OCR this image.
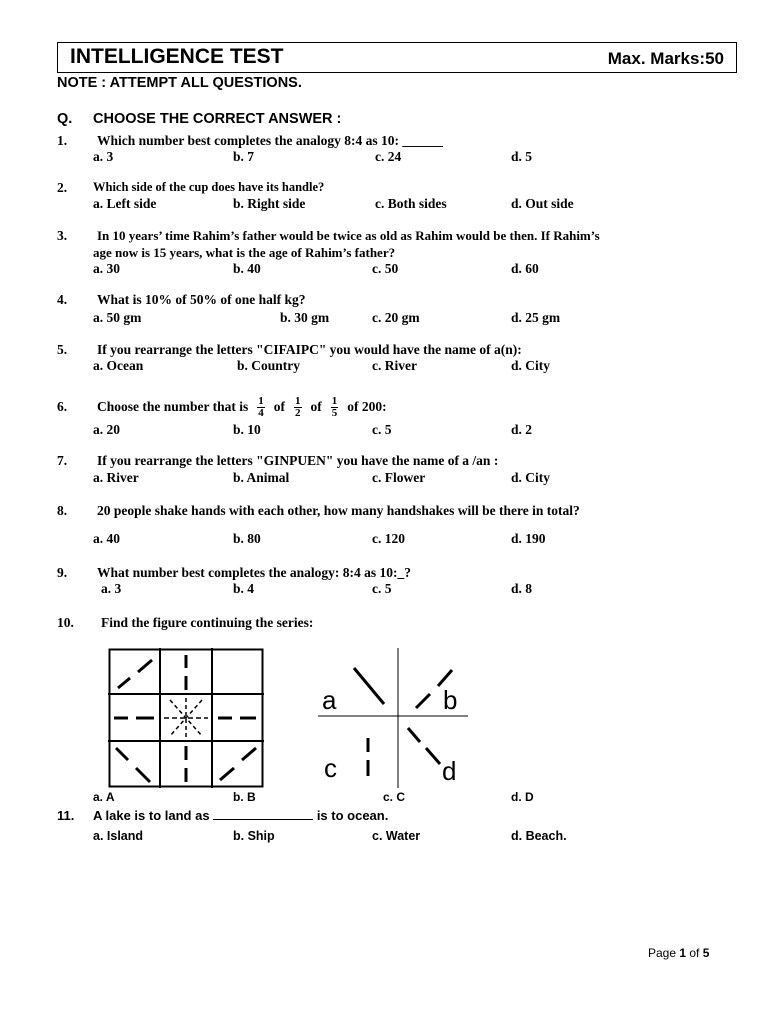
INTELLIGENCE TEST	Max. Marks:50
NOTE : ATTEMPT ALL QUESTIONS.
Q. CHOOSE THE CORRECT ANSWER :
1. Which number best completes the analogy 8:4 as 10: ______
a. 3	b. 7	c. 24	d. 5
2. Which side of the cup does have its handle?
a. Left side	b. Right side	c. Both sides	d. Out side
3. In 10 years’ time Rahim’s father would be twice as old as Rahim would be then. If Rahim’s
age now is 15 years, what is the age of Rahim’s father?
a. 30	b. 40	c. 50	d. 60
4. What is 10% of 50% of one half kg?
a. 50 gm	b. 30 gm	c. 20 gm	d. 25 gm
5. If you rearrange the letters "CIFAIPC" you would have the name of a(n):
a. Ocean	b. Country	c. River	d. City
6. Choose the number that is $\frac{1}{4}$ of $\frac{1}{2}$ of $\frac{1}{5}$ of 200:
a. 20	b. 10	c. 5	d. 2
7. If you rearrange the letters "GINPUEN" you have the name of a /an :
a. River	b. Animal	c. Flower	d. City
8. 20 people shake hands with each other, how many handshakes will be there in total?
a. 40	b. 80	c. 120	d. 190
9. What number best completes the analogy: 8:4 as 10:_?
a. 3	b. 4	c. 5	d. 8
10. Find the figure continuing the series:
a	b
c	d
a. A	b. B	c. C	d. D
11. A lake is to land as	is to ocean.
a. Island	b. Ship	c. Water	d. Beach.
Page 1 of 5
